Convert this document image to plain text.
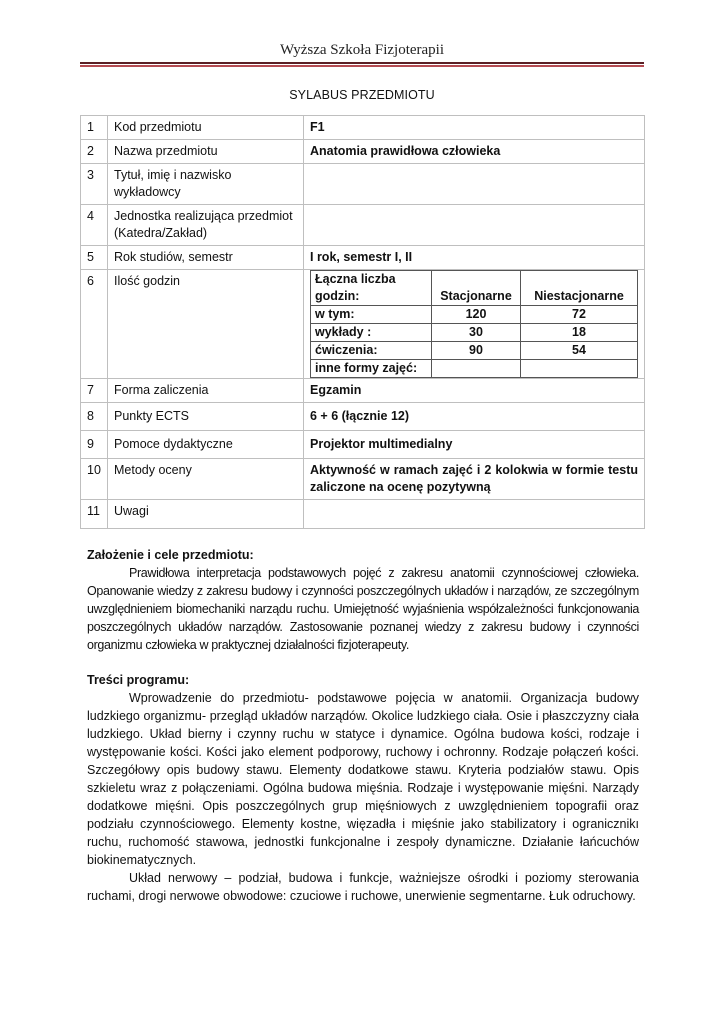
Wyższa Szkoła Fizjoterapii
SYLABUS PRZEDMIOTU
1	Kod przedmiotu	F1
2	Nazwa przedmiotu	Anatomia prawidłowa człowieka
3	Tytuł, imię i nazwisko wykładowcy	
4	Jednostka realizująca przedmiot (Katedra/Zakład)	
5	Rok studiów, semestr	I rok, semestr I, II
6	Ilość godzin		Łączna liczba godzin:	Stacjonarne	Niestacjonarne
w tym:	120	72
wykłady :	30	18
ćwiczenia:	90	54
inne formy zajęć:		

7	Forma zaliczenia	Egzamin
8	Punkty ECTS	6 + 6 (łącznie 12)
9	Pomoce dydaktyczne	Projektor multimedialny
10	Metody oceny	Aktywność w ramach zajęć i 2 kolokwia w formie testu zaliczone na ocenę pozytywną
11	Uwagi	
Założenie i cele przedmiotu:

Prawidłowa interpretacja podstawowych pojęć z zakresu anatomii czynnościowej człowieka. Opanowanie wiedzy z zakresu budowy i czynności poszczególnych układów i narządów, ze szczególnym uwzględnieniem biomechaniki narządu ruchu. Umiejętność wyjaśnienia współzależności funkcjonowania poszczególnych układów narządów. Zastosowanie poznanej wiedzy z zakresu budowy i czynności organizmu człowieka w praktycznej działalności fizjoterapeuty.

Treści programu:

Wprowadzenie do przedmiotu- podstawowe pojęcia w anatomii. Organizacja budowy ludzkiego organizmu- przegląd układów narządów. Okolice ludzkiego ciała. Osie i płaszczyzny ciała ludzkiego. Układ bierny i czynny ruchu w statyce i dynamice. Ogólna budowa kości, rodzaje i występowanie kości. Kości jako element podporowy, ruchowy i ochronny. Rodzaje połączeń kości. Szczegółowy opis budowy stawu. Elementy dodatkowe stawu. Kryteria podziałów stawu. Opis szkieletu wraz z połączeniami. Ogólna budowa mięśnia. Rodzaje i występowanie mięśni. Narządy dodatkowe mięśni. Opis poszczególnych grup mięśniowych z uwzględnieniem topografii oraz podziału czynnościowego. Elementy kostne, więzadła i mięśnie jako stabilizatory i ogranicznikı ruchu, ruchomość stawowa, jednostki funkcjonalne i zespoły dynamiczne. Działanie łańcuchów biokinematycznych.

Układ nerwowy – podział, budowa i funkcje, ważniejsze ośrodki i poziomy sterowania ruchami, drogi nerwowe obwodowe: czuciowe i ruchowe, unerwienie segmentarne. Łuk odruchowy.
